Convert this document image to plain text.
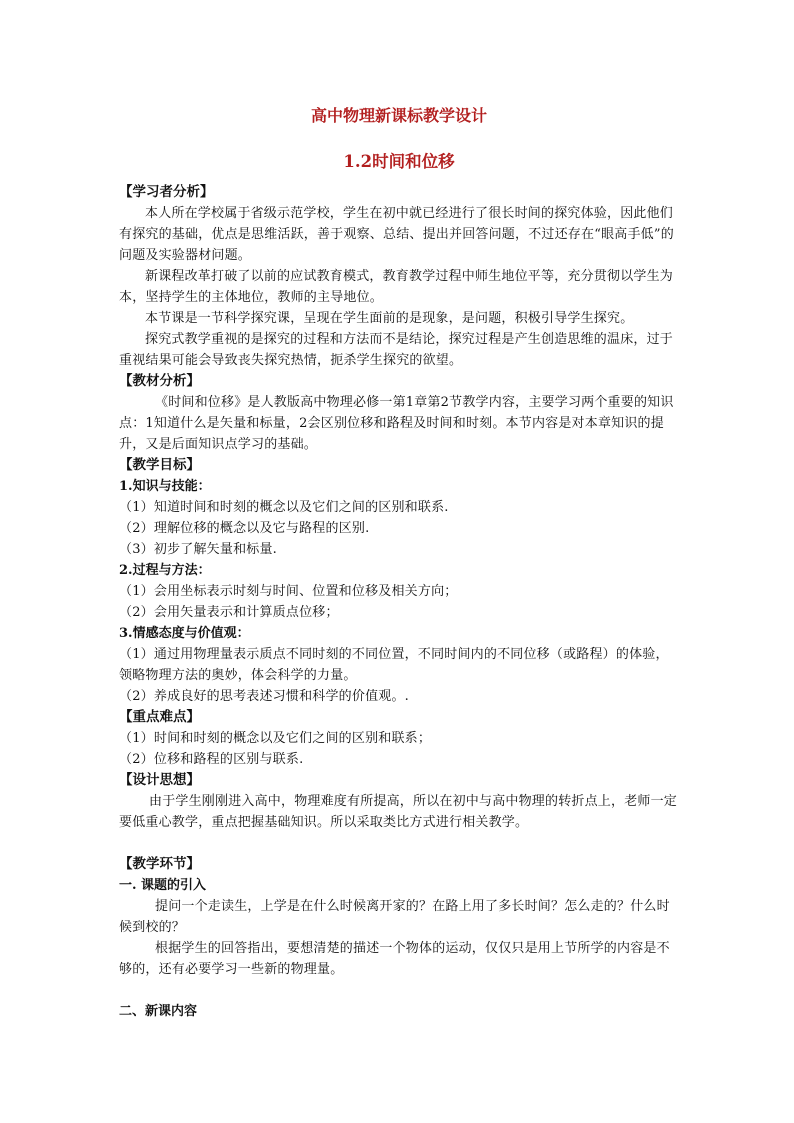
高中物理新课标教学设计
1.2时间和位移
【学习者分析】

本人所在学校属于省级示范学校，学生在初中就已经进行了很长时间的探究体验，因此他们有探究的基础，优点是思维活跃，善于观察、总结、提出并回答问题，不过还存在“眼高手低”的问题及实验器材问题。

新课程改革打破了以前的应试教育模式，教育教学过程中师生地位平等，充分贯彻以学生为本，坚持学生的主体地位，教师的主导地位。

本节课是一节科学探究课，呈现在学生面前的是现象，是问题，积极引导学生探究。

探究式教学重视的是探究的过程和方法而不是结论，探究过程是产生创造思维的温床，过于重视结果可能会导致丧失探究热情，扼杀学生探究的欲望。

【教材分析】

《时间和位移》是人教版高中物理必修一第1章第2节教学内容，主要学习两个重要的知识点：1知道什么是矢量和标量，2会区别位移和路程及时间和时刻。本节内容是对本章知识的提升，又是后面知识点学习的基础。

【教学目标】
1.知识与技能：

（1）知道时间和时刻的概念以及它们之间的区别和联系.

（2）理解位移的概念以及它与路程的区别.

（3）初步了解矢量和标量.

2.过程与方法：

（1）会用坐标表示时刻与时间、位置和位移及相关方向；

（2）会用矢量表示和计算质点位移；

3.情感态度与价值观：

（1）通过用物理量表示质点不同时刻的不同位置，不同时间内的不同位移（或路程）的体验，领略物理方法的奥妙，体会科学的力量。

（2）养成良好的思考表述习惯和科学的价值观。.

【重点难点】

（1）时间和时刻的概念以及它们之间的区别和联系；

（2）位移和路程的区别与联系.

【设计思想】

由于学生刚刚进入高中，物理难度有所提高，所以在初中与高中物理的转折点上，老师一定要低重心教学，重点把握基础知识。所以采取类比方式进行相关教学。

【教学环节】
一. 课题的引入

提问一个走读生，上学是在什么时候离开家的？在路上用了多长时间？怎么走的？什么时候到校的？

根据学生的回答指出，要想清楚的描述一个物体的运动，仅仅只是用上节所学的内容是不够的，还有必要学习一些新的物理量。

二、新课内容
